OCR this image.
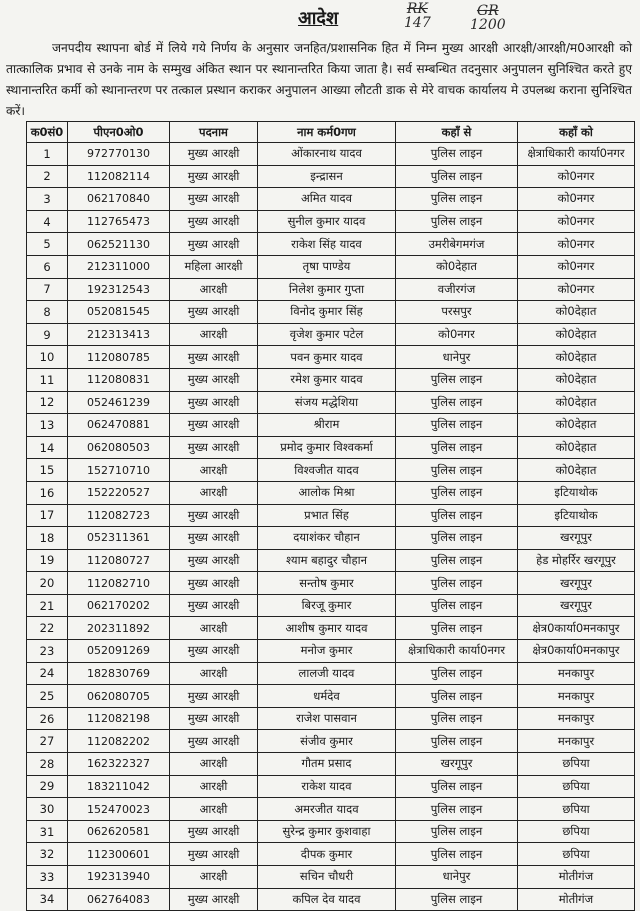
आदेश	RK
147
GR
1200

जनपदीय स्थापना बोर्ड में लिये गये निर्णय के अनुसार जनहित/प्रशासनिक हित में निम्न मुख्य आरक्षी आरक्षी/आरक्षी/म0आरक्षी को तात्कालिक प्रभाव से उनके नाम के सम्मुख अंकित स्थान पर स्थानान्तरित किया जाता है। सर्व सम्बन्धित तदनुसार अनुपालन सुनिश्चित करते हुए स्थानान्तरित कर्मी को स्थानान्तरण पर तत्काल प्रस्थान कराकर अनुपालन आख्या लौटती डाक से मेरे वाचक कार्यालय मे उपलब्ध कराना सुनिश्चित करें।

क0सं0	पीएन0ओ0	पदनाम	नाम कर्म0गण	कहाँ से	कहाँ को
1	972770130	मुख्य आरक्षी	ओंकारनाथ यादव	पुलिस लाइन	क्षेत्राधिकारी कार्या0नगर
2	112082114	मुख्य आरक्षी	इन्द्रासन	पुलिस लाइन	को0नगर
3	062170840	मुख्य आरक्षी	अमित यादव	पुलिस लाइन	को0नगर
4	112765473	मुख्य आरक्षी	सुनील कुमार यादव	पुलिस लाइन	को0नगर
5	062521130	मुख्य आरक्षी	राकेश सिंह यादव	उमरीबेगमगंज	को0नगर
6	212311000	महिला आरक्षी	तृषा पाण्डेय	को0देहात	को0नगर
7	192312543	आरक्षी	निलेश कुमार गुप्ता	वजीरगंज	को0नगर
8	052081545	मुख्य आरक्षी	विनोद कुमार सिंह	परसपुर	को0देहात
9	212313413	आरक्षी	वृजेश कुमार पटेल	को0नगर	को0देहात
10	112080785	मुख्य आरक्षी	पवन कुमार यादव	धानेपुर	को0देहात
11	112080831	मुख्य आरक्षी	रमेश कुमार यादव	पुलिस लाइन	को0देहात
12	052461239	मुख्य आरक्षी	संजय मद्धेशिया	पुलिस लाइन	को0देहात
13	062470881	मुख्य आरक्षी	श्रीराम	पुलिस लाइन	को0देहात
14	062080503	मुख्य आरक्षी	प्रमोद कुमार विश्वकर्मा	पुलिस लाइन	को0देहात
15	152710710	आरक्षी	विश्वजीत यादव	पुलिस लाइन	को0देहात
16	152220527	आरक्षी	आलोक मिश्रा	पुलिस लाइन	इटियाथोक
17	112082723	मुख्य आरक्षी	प्रभात सिंह	पुलिस लाइन	इटियाथोक
18	052311361	मुख्य आरक्षी	दयाशंकर चौहान	पुलिस लाइन	खरगूपुर
19	112080727	मुख्य आरक्षी	श्याम बहादुर चौहान	पुलिस लाइन	हेड मोहर्रिर खरगूपुर
20	112082710	मुख्य आरक्षी	सन्तोष कुमार	पुलिस लाइन	खरगूपुर
21	062170202	मुख्य आरक्षी	बिरजू कुमार	पुलिस लाइन	खरगूपुर
22	202311892	आरक्षी	आशीष कुमार यादव	पुलिस लाइन	क्षेत्र0कार्या0मनकापुर
23	052091269	मुख्य आरक्षी	मनोज कुमार	क्षेत्राधिकारी कार्या0नगर	क्षेत्र0कार्या0मनकापुर
24	182830769	आरक्षी	लालजी यादव	पुलिस लाइन	मनकापुर
25	062080705	मुख्य आरक्षी	धर्मदेव	पुलिस लाइन	मनकापुर
26	112082198	मुख्य आरक्षी	राजेश पासवान	पुलिस लाइन	मनकापुर
27	112082202	मुख्य आरक्षी	संजीव कुमार	पुलिस लाइन	मनकापुर
28	162322327	आरक्षी	गौतम प्रसाद	खरगूपुर	छपिया
29	183211042	आरक्षी	राकेश यादव	पुलिस लाइन	छपिया
30	152470023	आरक्षी	अमरजीत यादव	पुलिस लाइन	छपिया
31	062620581	मुख्य आरक्षी	सुरेन्द्र कुमार कुशवाहा	पुलिस लाइन	छपिया
32	112300601	मुख्य आरक्षी	दीपक कुमार	पुलिस लाइन	छपिया
33	192313940	आरक्षी	सचिन चौधरी	धानेपुर	मोतीगंज
34	062764083	मुख्य आरक्षी	कपिल देव यादव	पुलिस लाइन	मोतीगंज
